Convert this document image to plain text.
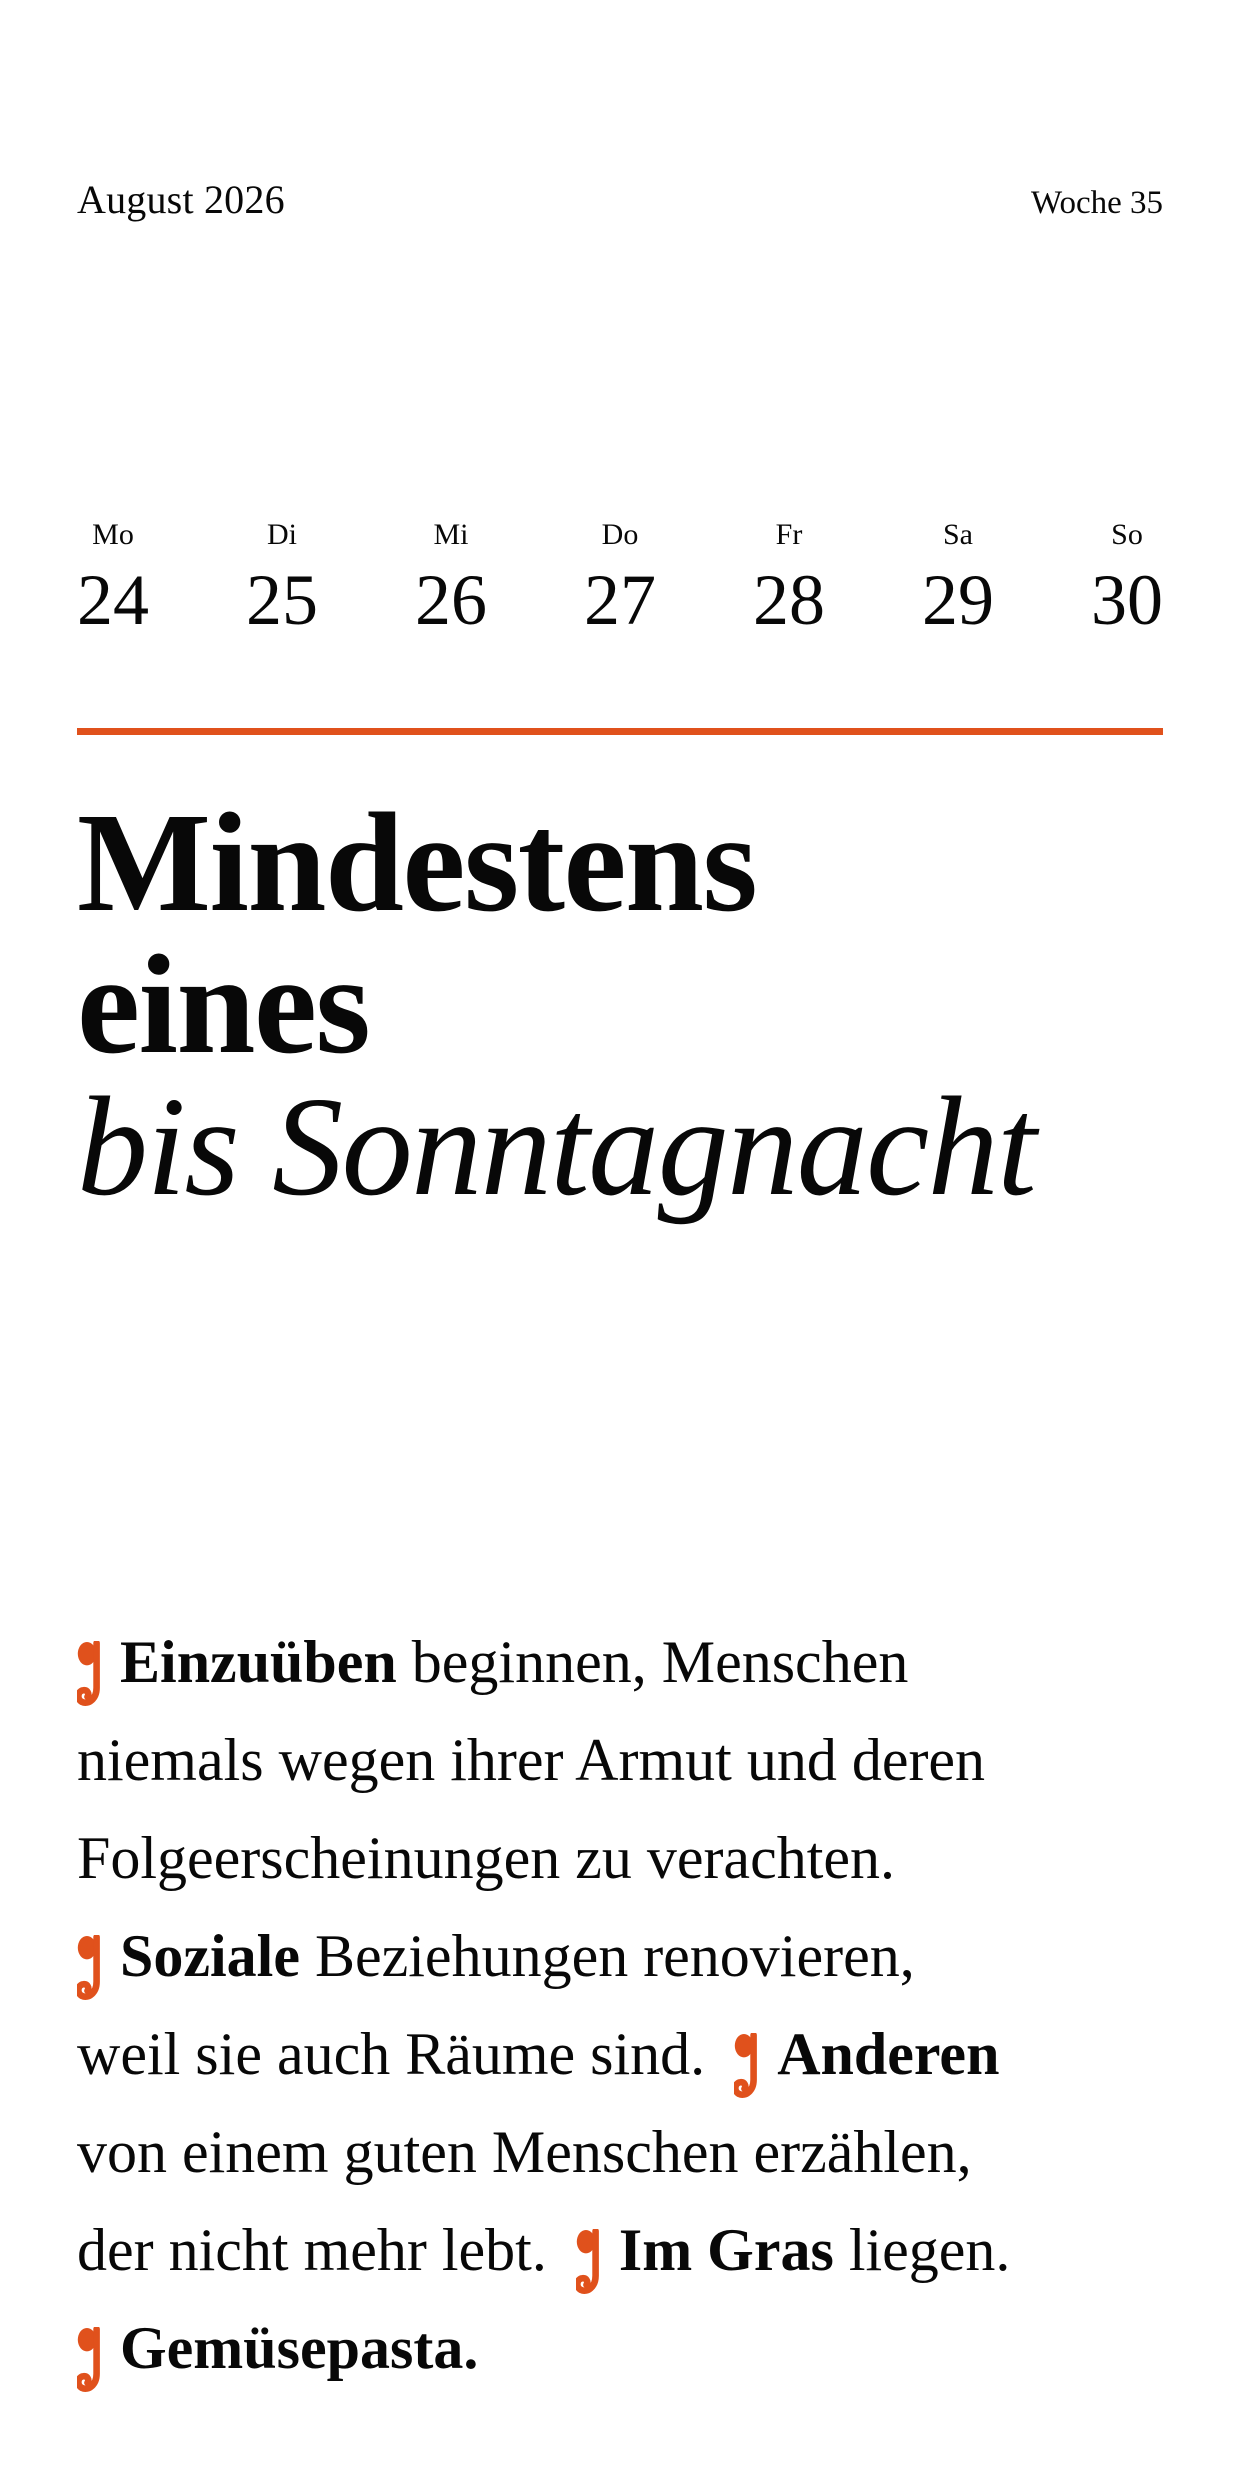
August 2026	Woche 35
Mo
24
Di
25
Mi
26
Do
27
Fr
28
Sa
29
So
30
Mindestens
eines
bis Sonntagnacht
Einzuüben beginnen, Menschen
niemals wegen ihrer Armut und deren
Folgeerscheinungen zu verachten.
Soziale Beziehungen renovieren,
weil sie auch Räume sind. Anderen
von einem guten Menschen erzählen,
der nicht mehr lebt. Im Gras liegen.
Gemüsepasta.
